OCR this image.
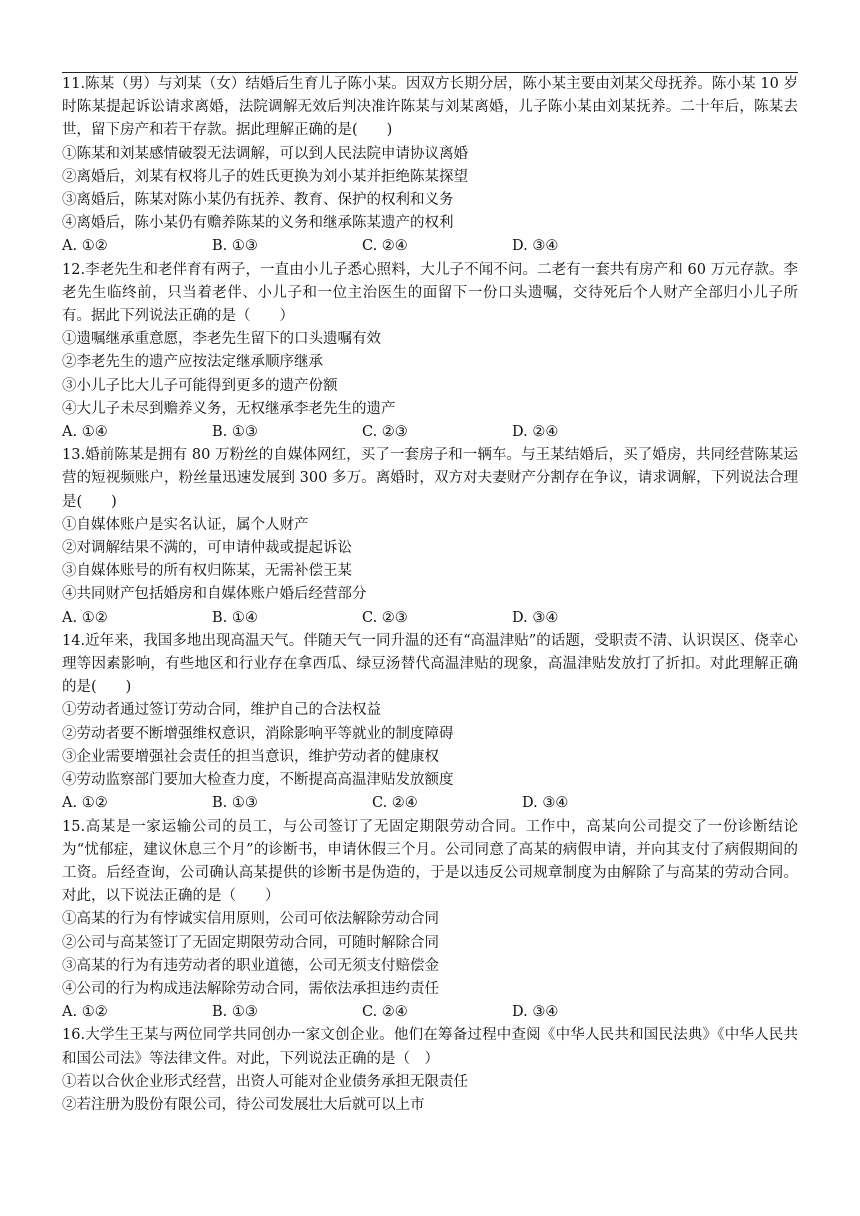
11.陈某（男）与刘某（女）结婚后生育儿子陈小某。因双方长期分居，陈小某主要由刘某父母抚养。陈小某 10 岁时陈某提起诉讼请求离婚，法院调解无效后判决准许陈某与刘某离婚，儿子陈小某由刘某抚养。二十年后，陈某去世，留下房产和若干存款。据此理解正确的是(　　)

①陈某和刘某感情破裂无法调解，可以到人民法院申请协议离婚

②离婚后，刘某有权将儿子的姓氏更换为刘小某并拒绝陈某探望

③离婚后，陈某对陈小某仍有抚养、教育、保护的权利和义务

④离婚后，陈小某仍有赡养陈某的义务和继承陈某遗产的权利

A. ①②	B. ①③	C. ②④	D. ③④

12.李老先生和老伴育有两子，一直由小儿子悉心照料，大儿子不闻不问。二老有一套共有房产和 60 万元存款。李老先生临终前，只当着老伴、小儿子和一位主治医生的面留下一份口头遗嘱，交待死后个人财产全部归小儿子所有。据此下列说法正确的是（　　）

①遗嘱继承重意愿，李老先生留下的口头遗嘱有效

②李老先生的遗产应按法定继承顺序继承

③小儿子比大儿子可能得到更多的遗产份额

④大儿子未尽到赡养义务，无权继承李老先生的遗产

A. ①④	B. ①③	C. ②③	D. ②④

13.婚前陈某是拥有 80 万粉丝的自媒体网红，买了一套房子和一辆车。与王某结婚后，买了婚房，共同经营陈某运营的短视频账户，粉丝量迅速发展到 300 多万。离婚时，双方对夫妻财产分割存在争议，请求调解，下列说法合理是(　　)

①自媒体账户是实名认证，属个人财产

②对调解结果不满的，可申请仲裁或提起诉讼

③自媒体账号的所有权归陈某，无需补偿王某

④共同财产包括婚房和自媒体账户婚后经营部分

A. ①②	B. ①④	C. ②③	D. ③④

14.近年来，我国多地出现高温天气。伴随天气一同升温的还有“高温津贴”的话题，受职责不清、认识误区、侥幸心理等因素影响，有些地区和行业存在拿西瓜、绿豆汤替代高温津贴的现象，高温津贴发放打了折扣。对此理解正确的是(　　)

①劳动者通过签订劳动合同，维护自己的合法权益

②劳动者要不断增强维权意识，消除影响平等就业的制度障碍

③企业需要增强社会责任的担当意识，维护劳动者的健康权

④劳动监察部门要加大检查力度，不断提高高温津贴发放额度

A. ①②	B. ①③	C. ②④	D. ③④

15.高某是一家运输公司的员工，与公司签订了无固定期限劳动合同。工作中，高某向公司提交了一份诊断结论为“忧郁症，建议休息三个月”的诊断书，申请休假三个月。公司同意了高某的病假申请，并向其支付了病假期间的工资。后经查询，公司确认高某提供的诊断书是伪造的，于是以违反公司规章制度为由解除了与高某的劳动合同。对此，以下说法正确的是（　　）

①高某的行为有悖诚实信用原则，公司可依法解除劳动合同

②公司与高某签订了无固定期限劳动合同，可随时解除合同

③高某的行为有违劳动者的职业道德，公司无须支付赔偿金

④公司的行为构成违法解除劳动合同，需依法承担违约责任

A. ①②	B. ①③	C. ②④	D. ③④

16.大学生王某与两位同学共同创办一家文创企业。他们在筹备过程中查阅《中华人民共和国民法典》《中华人民共和国公司法》等法律文件。对此，下列说法正确的是（　）

①若以合伙企业形式经营，出资人可能对企业债务承担无限责任

②若注册为股份有限公司，待公司发展壮大后就可以上市
